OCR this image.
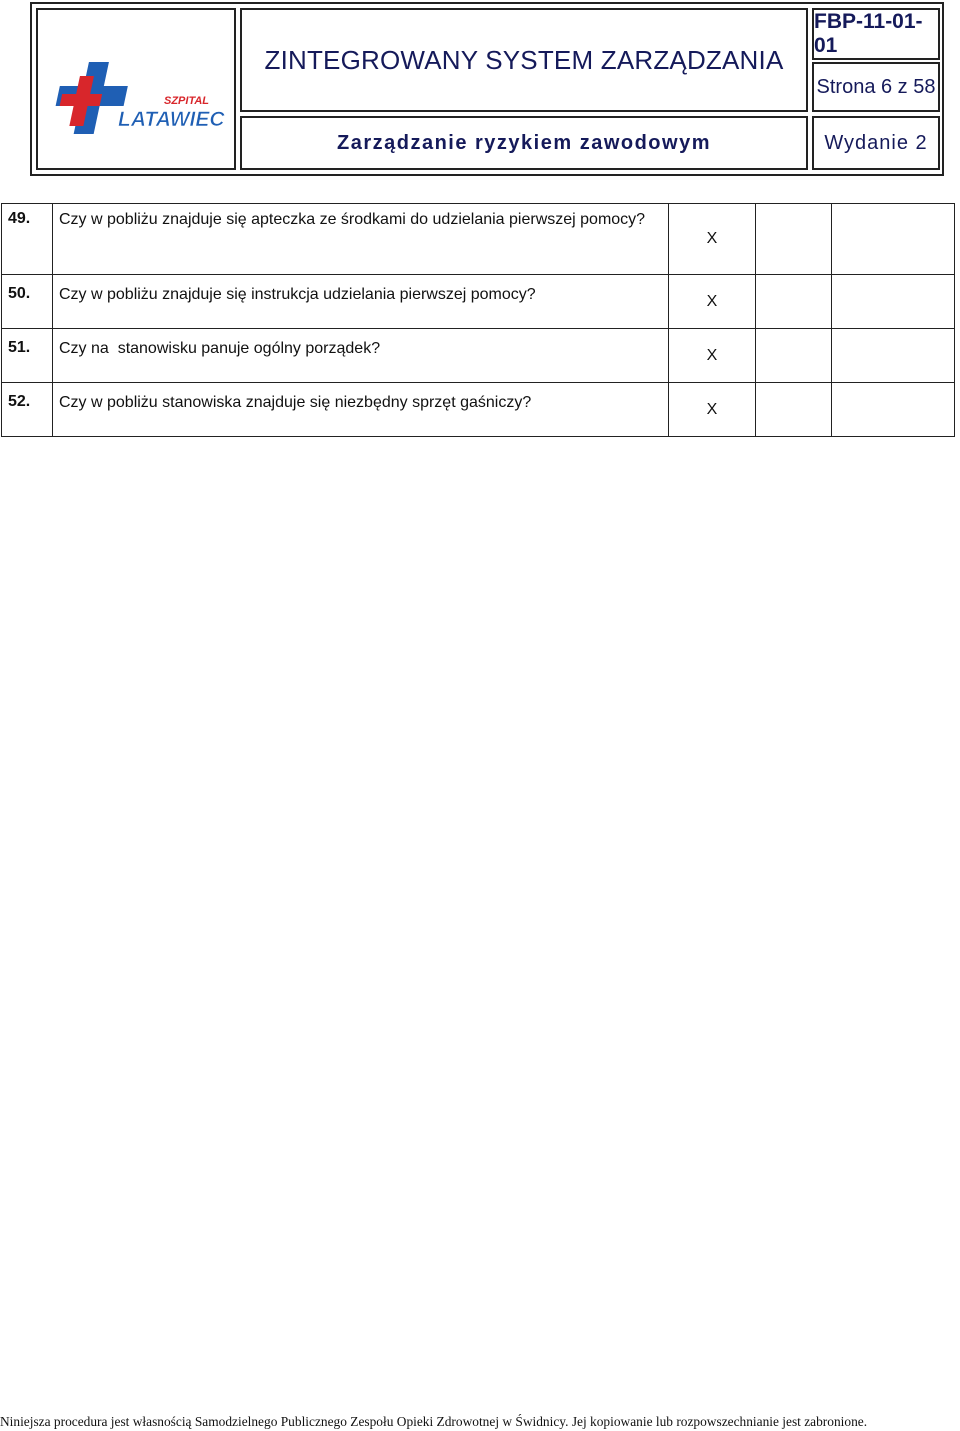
SZPITAL
LATAWIEC
ZINTEGROWANY SYSTEM ZARZĄDZANIA
FBP-11-01-01
Strona 6 z 58
Zarządzanie ryzykiem zawodowym	Wydanie 2
49.	Czy w pobliżu znajduje się apteczka ze środkami do udzielania pierwszej pomocy?	X		
50.	Czy w pobliżu znajduje się instrukcja udzielania pierwszej pomocy?	X		
51.	Czy na  stanowisku panuje ogólny porządek?	X		
52.	Czy w pobliżu stanowiska znajduje się niezbędny sprzęt gaśniczy?	X		
Niniejsza procedura jest własnością Samodzielnego Publicznego Zespołu Opieki Zdrowotnej w Świdnicy. Jej kopiowanie lub rozpowszechnianie jest zabronione.
